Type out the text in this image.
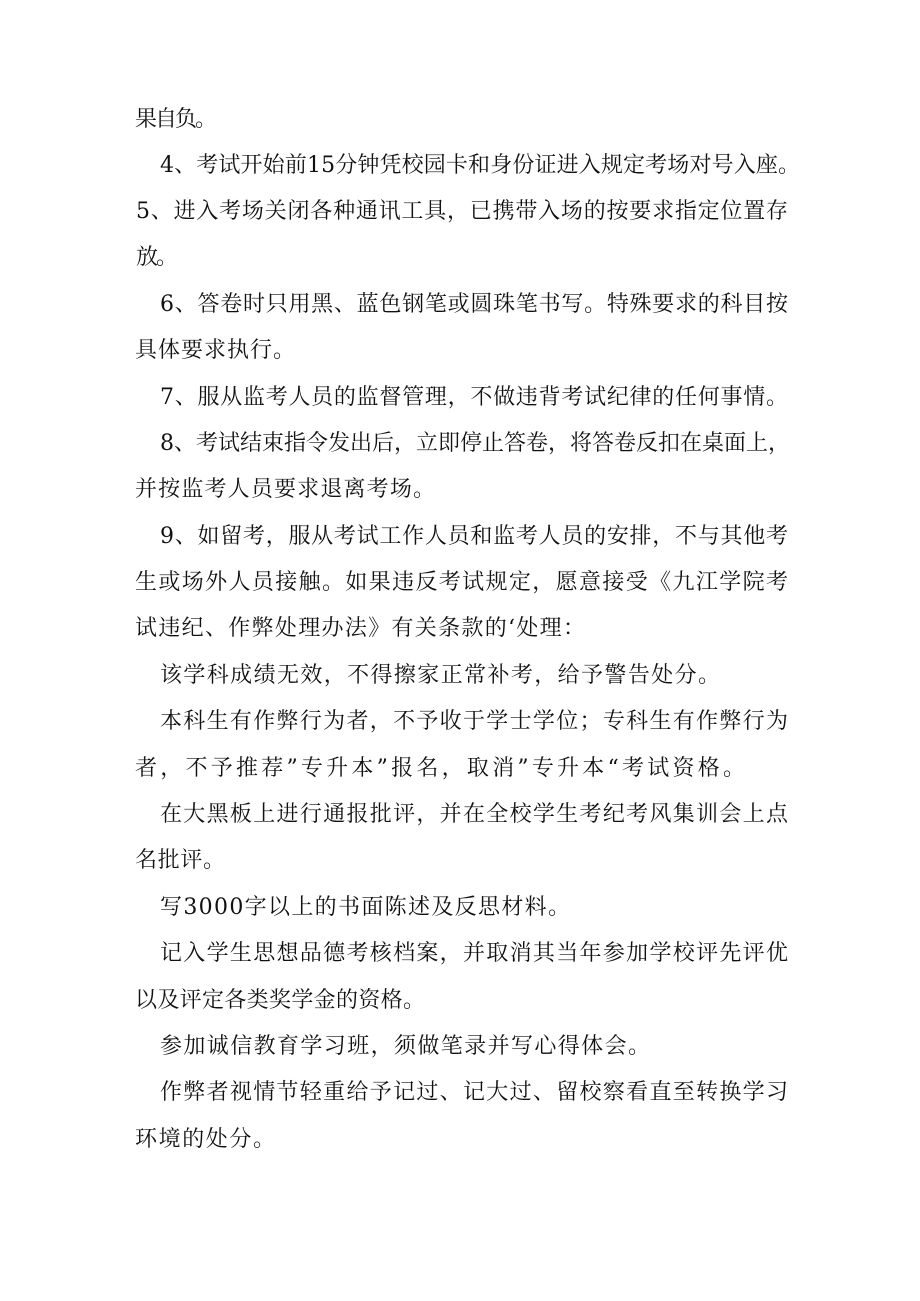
果自负。
4、考试开始前15分钟凭校园卡和身份证进入规定考场对号入座。
5、进入考场关闭各种通讯工具，已携带入场的按要求指定位置存
放。
6、答卷时只用黑、蓝色钢笔或圆珠笔书写。特殊要求的科目按
具体要求执行。
7、服从监考人员的监督管理，不做违背考试纪律的任何事情。
8、考试结束指令发出后，立即停止答卷，将答卷反扣在桌面上，
并按监考人员要求退离考场。
9、如留考，服从考试工作人员和监考人员的安排，不与其他考
生或场外人员接触。如果违反考试规定，愿意接受《九江学院考
试违纪、作弊处理办法》有关条款的‘处理：
该学科成绩无效，不得擦家正常补考，给予警告处分。
本科生有作弊行为者，不予收于学士学位；专科生有作弊行为
者，不予推荐”专升本”报名，取消”专升本“考试资格。
在大黑板上进行通报批评，并在全校学生考纪考风集训会上点
名批评。
写3000字以上的书面陈述及反思材料。
记入学生思想品德考核档案，并取消其当年参加学校评先评优
以及评定各类奖学金的资格。
参加诚信教育学习班，须做笔录并写心得体会。
作弊者视情节轻重给予记过、记大过、留校察看直至转换学习
环境的处分。
